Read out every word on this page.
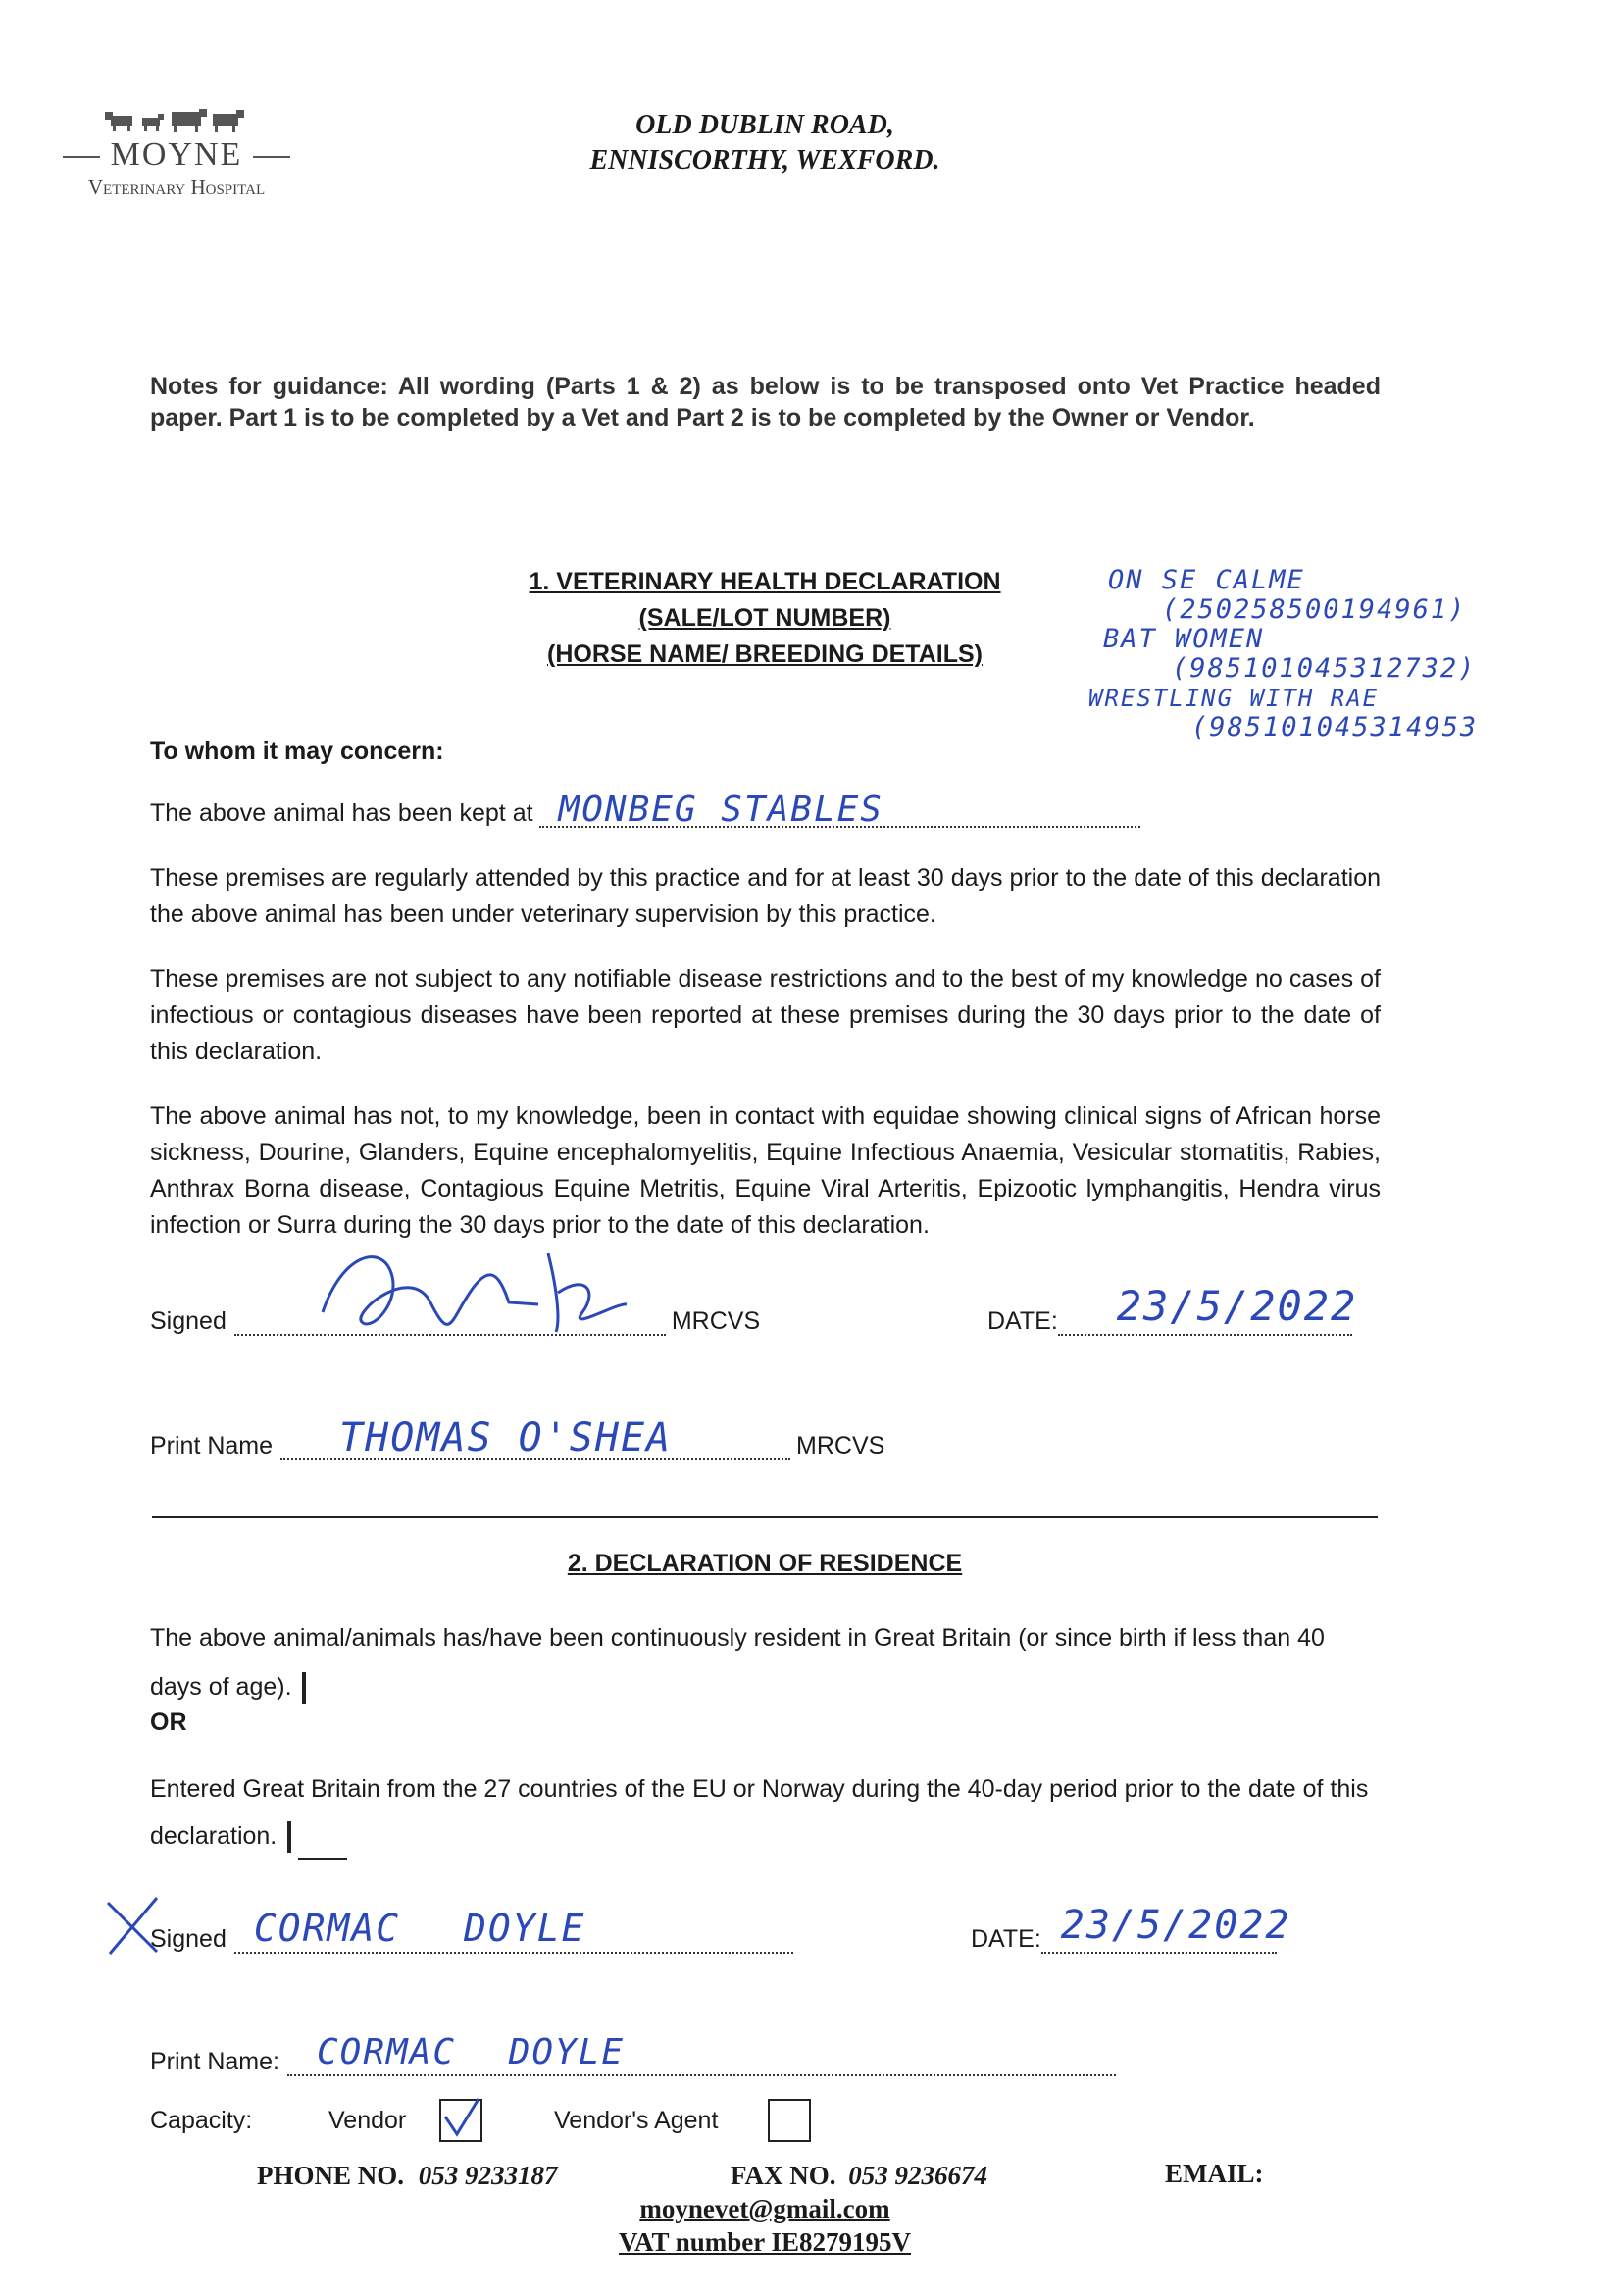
MOYNE
Veterinary Hospital
OLD DUBLIN ROAD,
ENNISCORTHY, WEXFORD.
Notes for guidance: All wording (Parts 1 & 2) as below is to be transposed onto Vet Practice headed paper. Part 1 is to be completed by a Vet and Part 2 is to be completed by the Owner or Vendor.
1. VETERINARY HEALTH DECLARATION
(SALE/LOT NUMBER)
(HORSE NAME/ BREEDING DETAILS)
ON SE CALME
(250258500194961)
BAT WOMEN
(985101045312732)
WRESTLING WITH RAE
(985101045314953
To whom it may concern:
The above animal has been kept at MONBEG STABLES
These premises are regularly attended by this practice and for at least 30 days prior to the date of this declaration the above animal has been under veterinary supervision by this practice.
These premises are not subject to any notifiable disease restrictions and to the best of my knowledge no cases of infectious or contagious diseases have been reported at these premises during the 30 days prior to the date of this declaration.
The above animal has not, to my knowledge, been in contact with equidae showing clinical signs of African horse sickness, Dourine, Glanders, Equine encephalomyelitis, Equine Infectious Anaemia, Vesicular stomatitis, Rabies, Anthrax Borna disease, Contagious Equine Metritis, Equine Viral Arteritis, Epizootic lymphangitis, Hendra virus infection or Surra during the 30 days prior to the date of this declaration.
Signed	MRCVS	DATE: 23/5/2022
Print Name THOMAS O'SHEA	MRCVS
2. DECLARATION OF RESIDENCE
The above animal/animals has/have been continuously resident in Great Britain (or since birth if less than 40 days of age).
OR
Entered Great Britain from the 27 countries of the EU or Norway during the 40-day period prior to the date of this declaration.
Signed CORMAC DOYLE	DATE: 23/5/2022
Print Name: CORMAC DOYLE
Capacity:	Vendor	Vendor's Agent
PHONE NO. 053 9233187	FAX NO. 053 9236674	EMAIL:
moynevet@gmail.com
VAT number IE8279195V
